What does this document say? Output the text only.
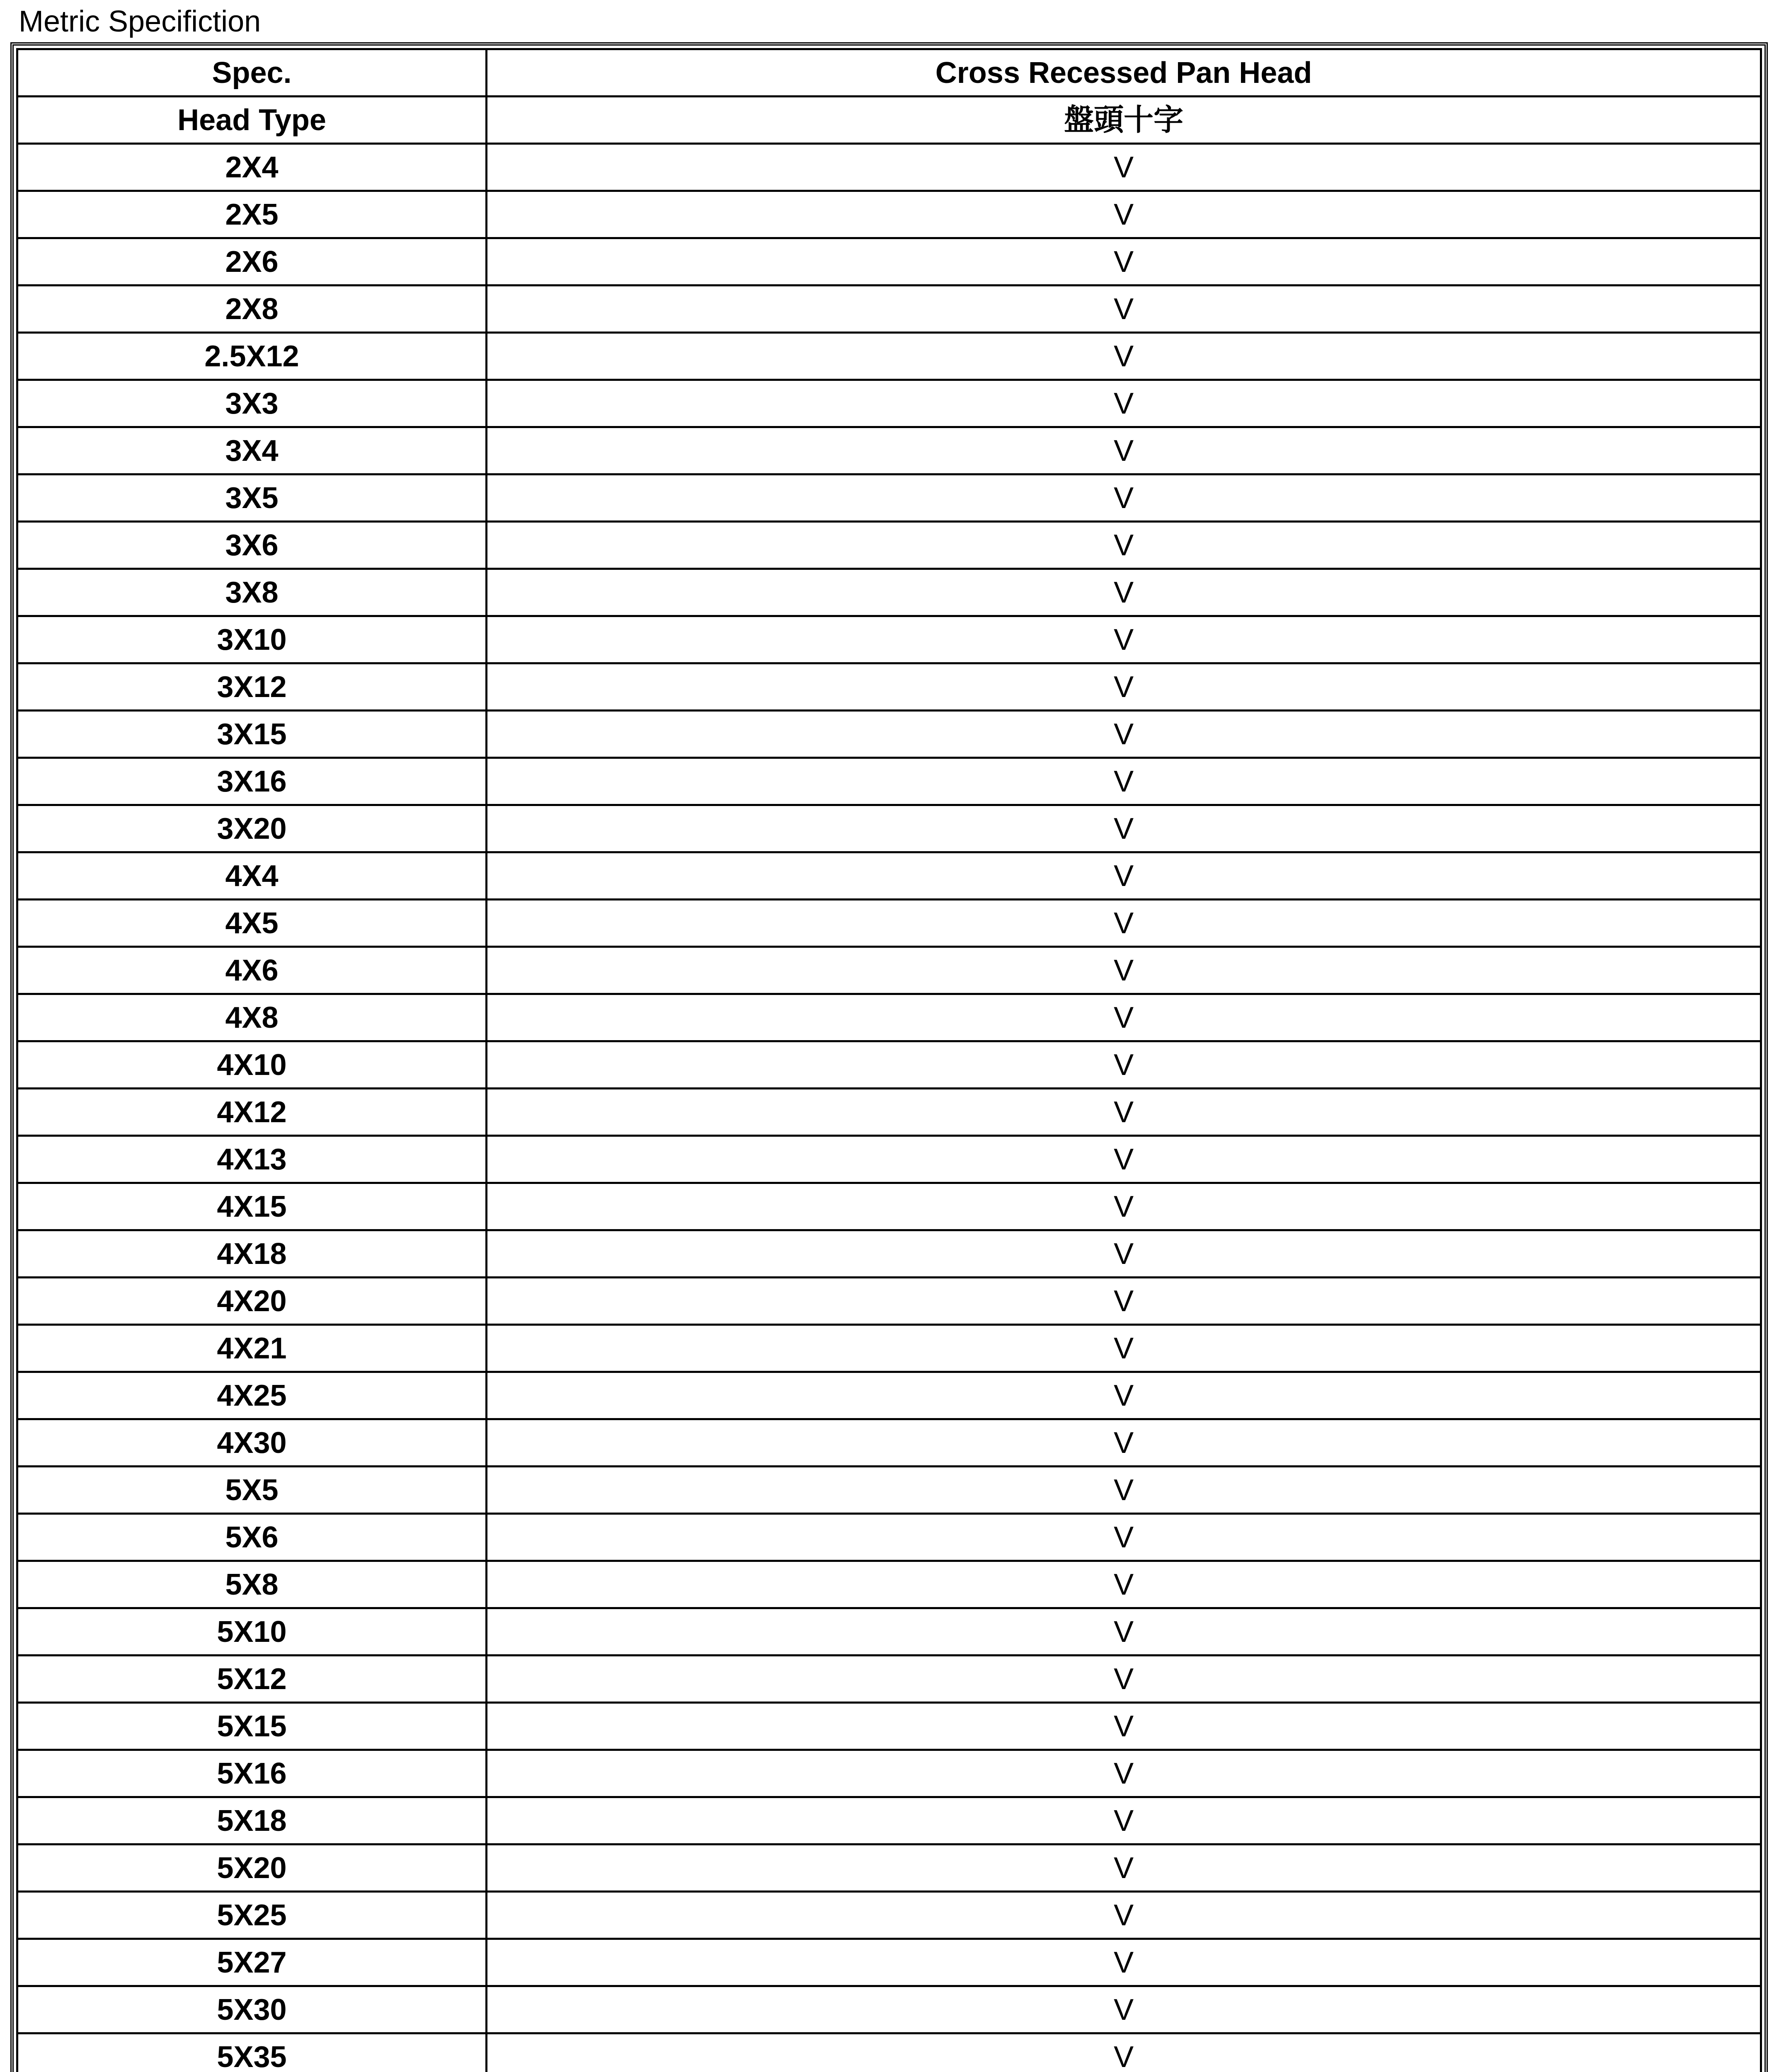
Metric Specifiction
Spec.	Cross Recessed Pan Head
Head Type	盤頭十字
2X4	V
2X5	V
2X6	V
2X8	V
2.5X12	V
3X3	V
3X4	V
3X5	V
3X6	V
3X8	V
3X10	V
3X12	V
3X15	V
3X16	V
3X20	V
4X4	V
4X5	V
4X6	V
4X8	V
4X10	V
4X12	V
4X13	V
4X15	V
4X18	V
4X20	V
4X21	V
4X25	V
4X30	V
5X5	V
5X6	V
5X8	V
5X10	V
5X12	V
5X15	V
5X16	V
5X18	V
5X20	V
5X25	V
5X27	V
5X30	V
5X35	V
